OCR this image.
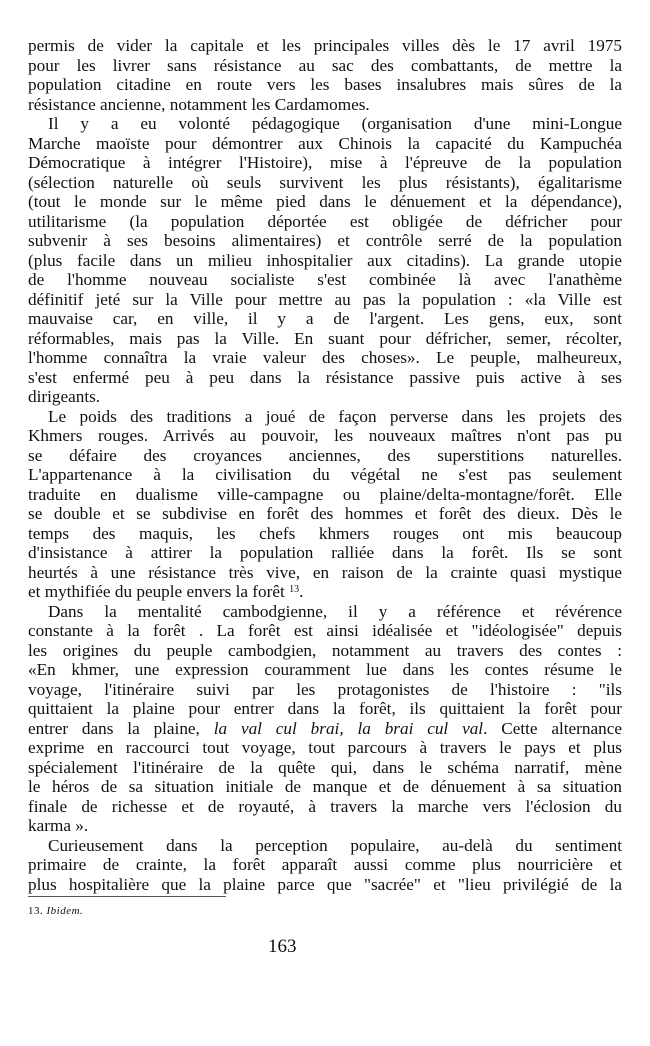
permis de vider la capitale et les principales villes dès le 17 avril 1975
pour les livrer sans résistance au sac des combattants, de mettre la
population citadine en route vers les bases insalubres mais sûres de la
résistance ancienne, notamment les Cardamomes.
Il y a eu volonté pédagogique (organisation d'une mini-Longue
Marche maoïste pour démontrer aux Chinois la capacité du Kampuchéa
Démocratique à intégrer l'Histoire), mise à l'épreuve de la population
(sélection naturelle où seuls survivent les plus résistants), égalitarisme
(tout le monde sur le même pied dans le dénuement et la dépendance),
utilitarisme (la population déportée est obligée de défricher pour
subvenir à ses besoins alimentaires) et contrôle serré de la population
(plus facile dans un milieu inhospitalier aux citadins). La grande utopie
de l'homme nouveau socialiste s'est combinée là avec l'anathème
définitif jeté sur la Ville pour mettre au pas la population : «la Ville est
mauvaise car, en ville, il y a de l'argent. Les gens, eux, sont
réformables, mais pas la Ville. En suant pour défricher, semer, récolter,
l'homme connaîtra la vraie valeur des choses». Le peuple, malheureux,
s'est enfermé peu à peu dans la résistance passive puis active à ses
dirigeants.
Le poids des traditions a joué de façon perverse dans les projets des
Khmers rouges. Arrivés au pouvoir, les nouveaux maîtres n'ont pas pu
se défaire des croyances anciennes, des superstitions naturelles.
L'appartenance à la civilisation du végétal ne s'est pas seulement
traduite en dualisme ville-campagne ou plaine/delta-montagne/forêt. Elle
se double et se subdivise en forêt des hommes et forêt des dieux. Dès le
temps des maquis, les chefs khmers rouges ont mis beaucoup
d'insistance à attirer la population ralliée dans la forêt. Ils se sont
heurtés à une résistance très vive, en raison de la crainte quasi mystique
et mythifiée du peuple envers la forêt $^{13}$.
Dans la mentalité cambodgienne, il y a référence et révérence
constante à la forêt . La forêt est ainsi idéalisée et "idéologisée" depuis
les origines du peuple cambodgien, notamment au travers des contes :
«En khmer, une expression couramment lue dans les contes résume le
voyage, l'itinéraire suivi par les protagonistes de l'histoire : "ils
quittaient la plaine pour entrer dans la forêt, ils quittaient la forêt pour
entrer dans la plaine, la val cul brai, la brai cul val. Cette alternance
exprime en raccourci tout voyage, tout parcours à travers le pays et plus
spécialement l'itinéraire de la quête qui, dans le schéma narratif, mène
le héros de sa situation initiale de manque et de dénuement à sa situation
finale de richesse et de royauté, à travers la marche vers l'éclosion du
karma ».
Curieusement dans la perception populaire, au-delà du sentiment
primaire de crainte, la forêt apparaît aussi comme plus nourricière et
plus hospitalière que la plaine parce que "sacrée" et "lieu privilégié de la
13. Ibidem.
163
